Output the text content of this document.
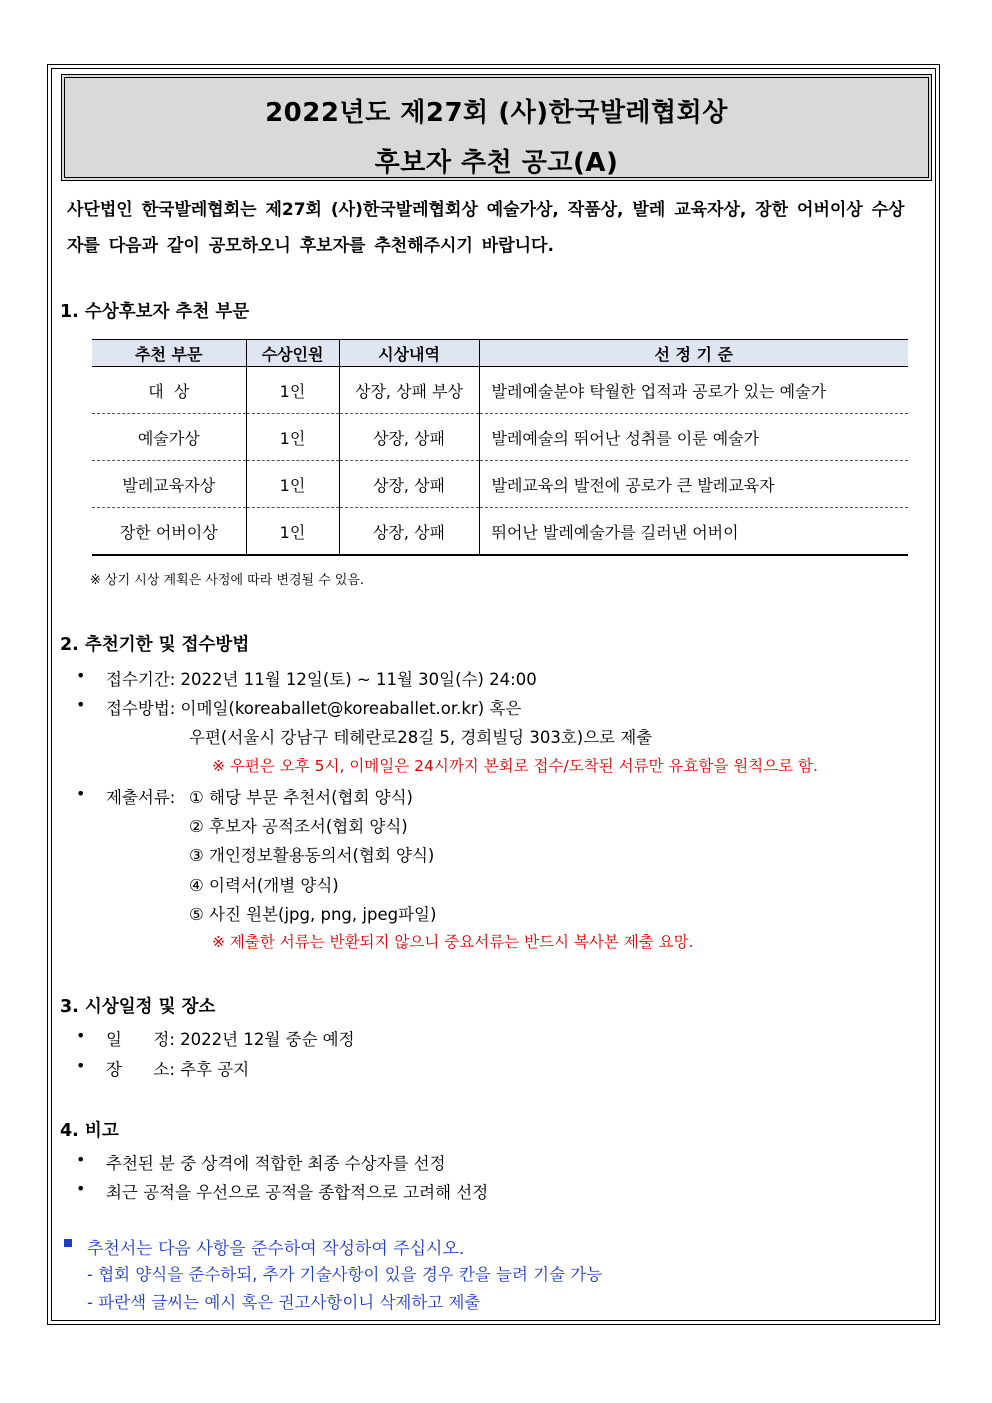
2022년도 제27회 (사)한국발레협회상
후보자 추천 공고(A)
사단법인 한국발레협회는 제27회 (사)한국발레협회상 예술가상, 작품상, 발레 교육자상, 장한 어버이상 수상자를 다음과 같이 공모하오니 후보자를 추천해주시기 바랍니다.
1. 수상후보자 추천 부문
추천 부문	수상인원	시상내역	선 정 기 준
대  상	1인	상장, 상패 부상	발레예술분야 탁월한 업적과 공로가 있는 예술가
예술가상	1인	상장, 상패	발레예술의 뛰어난 성취를 이룬 예술가
발레교육자상	1인	상장, 상패	발레교육의 발전에 공로가 큰 발레교육자
장한 어버이상	1인	상장, 상패	뛰어난 발레예술가를 길러낸 어버이
※ 상기 시상 계획은 사정에 따라 변경될 수 있음.
2. 추천기한 및 접수방법
• 접수기간: 2022년 11월 12일(토) ~ 11월 30일(수) 24:00
• 접수방법: 이메일(koreaballet@koreaballet.or.kr) 혹은
우편(서울시 강남구 테헤란로28길 5, 경희빌딩 303호)으로 제출
※ 우편은 오후 5시, 이메일은 24시까지 본회로 접수/도착된 서류만 유효함을 원칙으로 함.
• 제출서류: ① 해당 부문 추천서(협회 양식)
② 후보자 공적조서(협회 양식)
③ 개인정보활용동의서(협회 양식)
④ 이력서(개별 양식)
⑤ 사진 원본(jpg, png, jpeg파일)
※ 제출한 서류는 반환되지 않으니 중요서류는 반드시 복사본 제출 요망.
3. 시상일정 및 장소
• 일      정: 2022년 12월 중순 예정
• 장      소: 추후 공지
4. 비고
• 추천된 분 중 상격에 적합한 최종 수상자를 선정
• 최근 공적을 우선으로 공적을 종합적으로 고려해 선정
추천서는 다음 사항을 준수하여 작성하여 주십시오.
- 협회 양식을 준수하되, 추가 기술사항이 있을 경우 칸을 늘려 기술 가능
- 파란색 글씨는 예시 혹은 권고사항이니 삭제하고 제출
